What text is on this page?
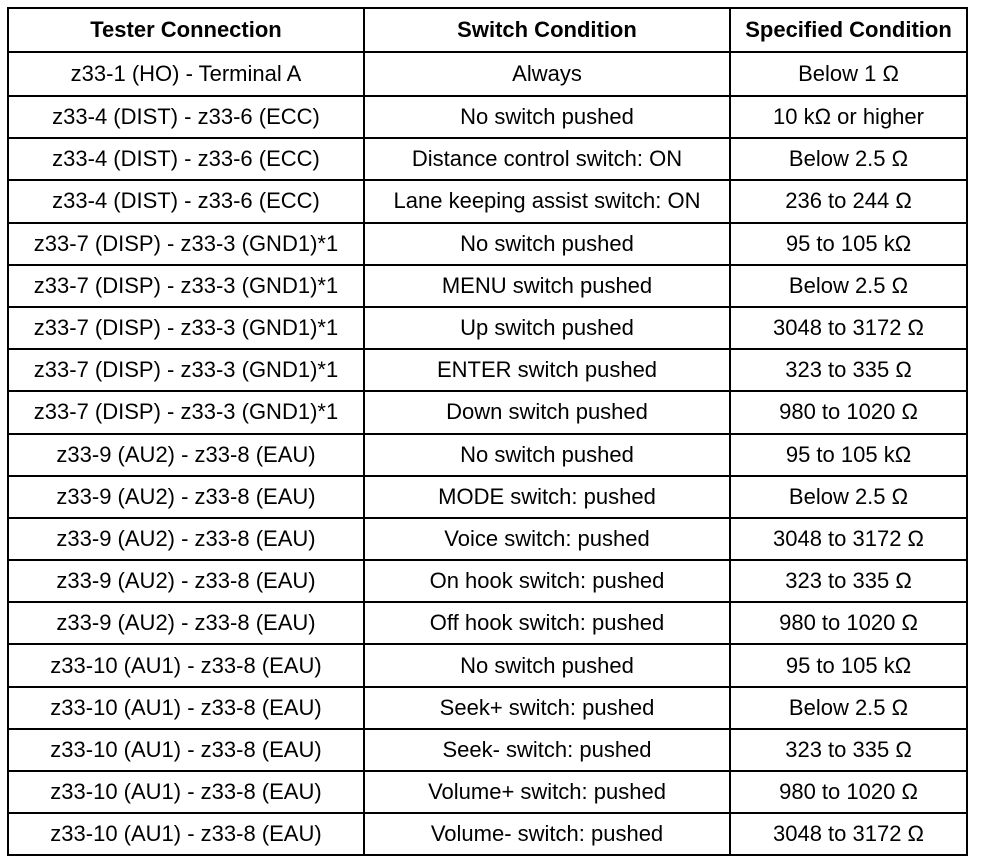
Tester Connection	Switch Condition	Specified Condition
z33-1 (HO) - Terminal A	Always	Below 1 Ω
z33-4 (DIST) - z33-6 (ECC)	No switch pushed	10 kΩ or higher
z33-4 (DIST) - z33-6 (ECC)	Distance control switch: ON	Below 2.5 Ω
z33-4 (DIST) - z33-6 (ECC)	Lane keeping assist switch: ON	236 to 244 Ω
z33-7 (DISP) - z33-3 (GND1)*1	No switch pushed	95 to 105 kΩ
z33-7 (DISP) - z33-3 (GND1)*1	MENU switch pushed	Below 2.5 Ω
z33-7 (DISP) - z33-3 (GND1)*1	Up switch pushed	3048 to 3172 Ω
z33-7 (DISP) - z33-3 (GND1)*1	ENTER switch pushed	323 to 335 Ω
z33-7 (DISP) - z33-3 (GND1)*1	Down switch pushed	980 to 1020 Ω
z33-9 (AU2) - z33-8 (EAU)	No switch pushed	95 to 105 kΩ
z33-9 (AU2) - z33-8 (EAU)	MODE switch: pushed	Below 2.5 Ω
z33-9 (AU2) - z33-8 (EAU)	Voice switch: pushed	3048 to 3172 Ω
z33-9 (AU2) - z33-8 (EAU)	On hook switch: pushed	323 to 335 Ω
z33-9 (AU2) - z33-8 (EAU)	Off hook switch: pushed	980 to 1020 Ω
z33-10 (AU1) - z33-8 (EAU)	No switch pushed	95 to 105 kΩ
z33-10 (AU1) - z33-8 (EAU)	Seek+ switch: pushed	Below 2.5 Ω
z33-10 (AU1) - z33-8 (EAU)	Seek- switch: pushed	323 to 335 Ω
z33-10 (AU1) - z33-8 (EAU)	Volume+ switch: pushed	980 to 1020 Ω
z33-10 (AU1) - z33-8 (EAU)	Volume- switch: pushed	3048 to 3172 Ω
